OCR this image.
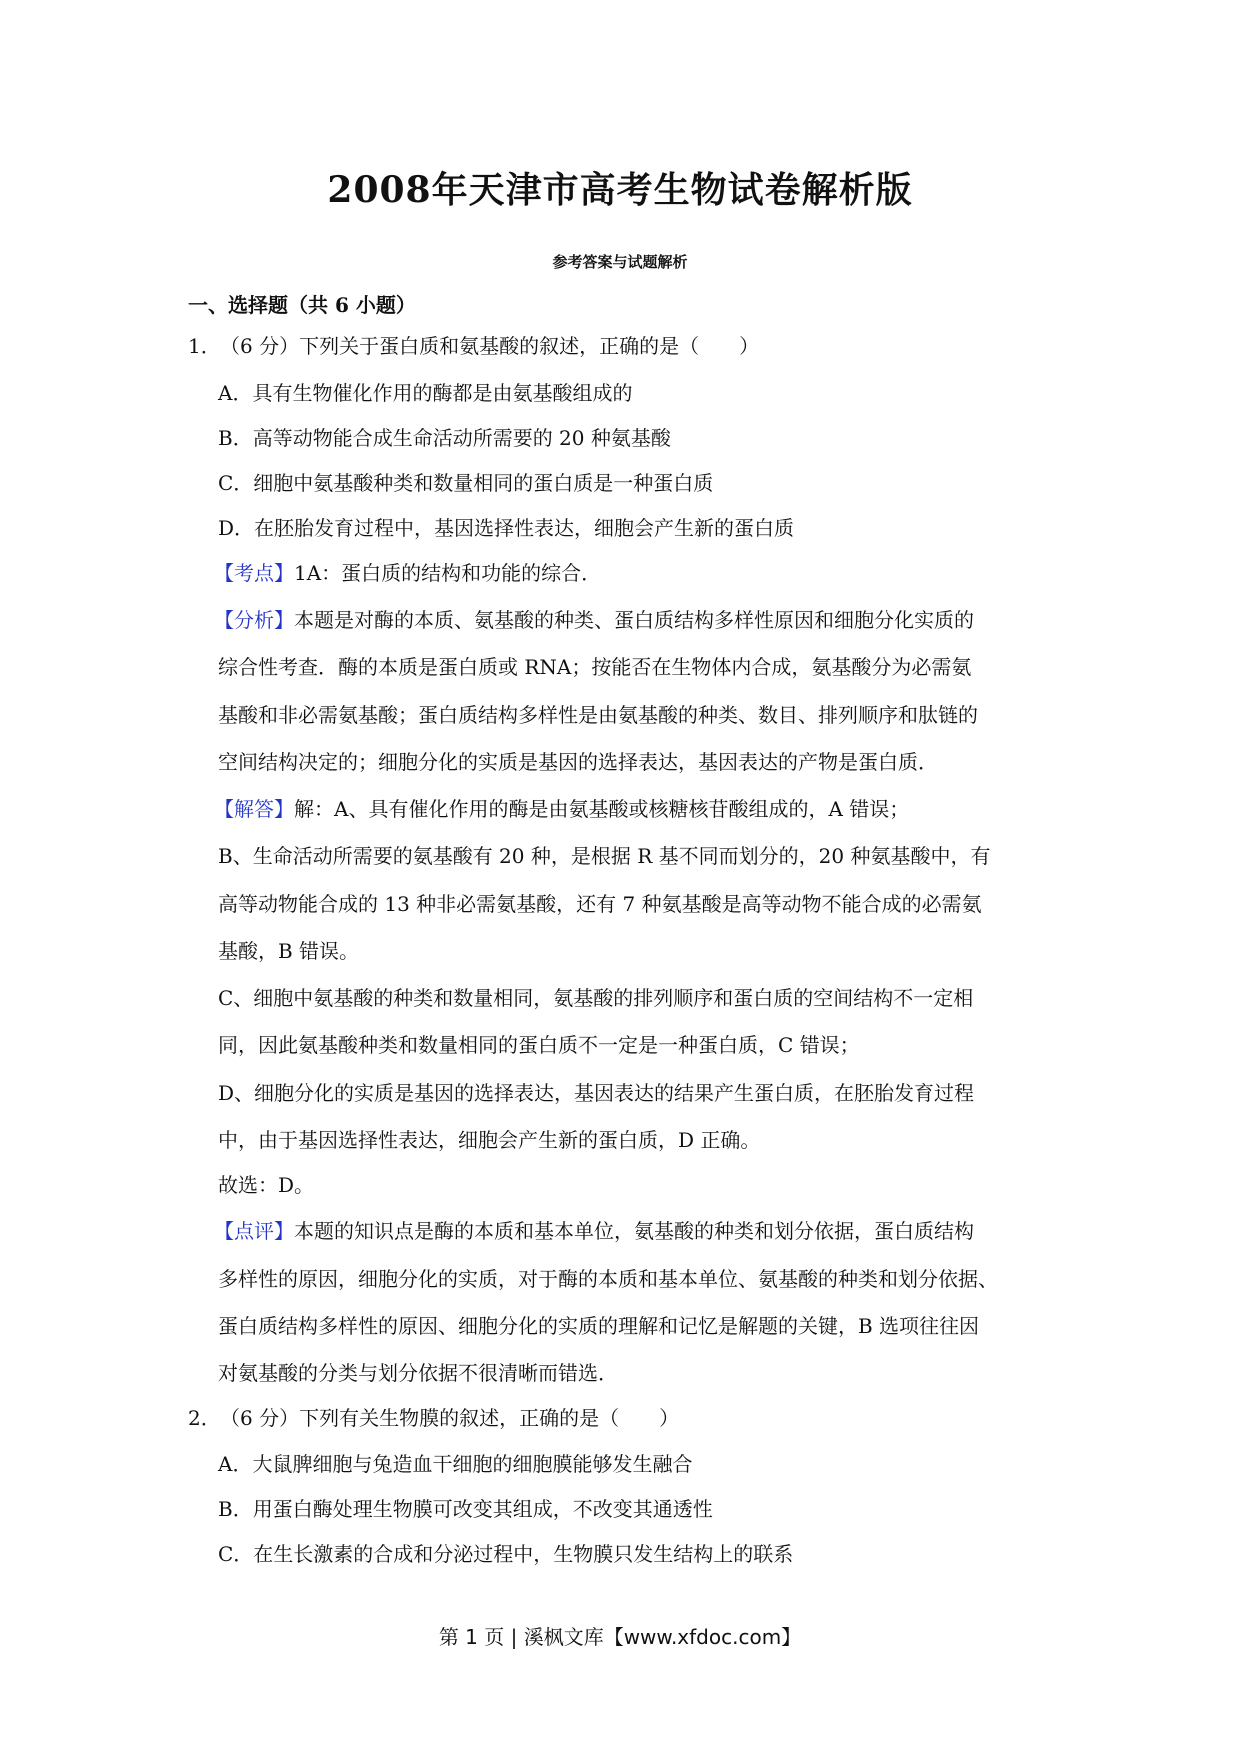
2008年天津市高考生物试卷解析版
参考答案与试题解析
一、选择题（共 6 小题）
1．（6 分）下列关于蛋白质和氨基酸的叙述，正确的是（　　）
A．具有生物催化作用的酶都是由氨基酸组成的
B．高等动物能合成生命活动所需要的 20 种氨基酸
C．细胞中氨基酸种类和数量相同的蛋白质是一种蛋白质
D．在胚胎发育过程中，基因选择性表达，细胞会产生新的蛋白质
【考点】1A：蛋白质的结构和功能的综合．
【分析】本题是对酶的本质、氨基酸的种类、蛋白质结构多样性原因和细胞分化实质的
综合性考查．酶的本质是蛋白质或 RNA；按能否在生物体内合成，氨基酸分为必需氨
基酸和非必需氨基酸；蛋白质结构多样性是由氨基酸的种类、数目、排列顺序和肽链的
空间结构决定的；细胞分化的实质是基因的选择表达，基因表达的产物是蛋白质．
【解答】解：A、具有催化作用的酶是由氨基酸或核糖核苷酸组成的，A 错误；
B、生命活动所需要的氨基酸有 20 种，是根据 R 基不同而划分的，20 种氨基酸中，有
高等动物能合成的 13 种非必需氨基酸，还有 7 种氨基酸是高等动物不能合成的必需氨
基酸，B 错误。
C、细胞中氨基酸的种类和数量相同，氨基酸的排列顺序和蛋白质的空间结构不一定相
同，因此氨基酸种类和数量相同的蛋白质不一定是一种蛋白质，C 错误；
D、细胞分化的实质是基因的选择表达，基因表达的结果产生蛋白质，在胚胎发育过程
中，由于基因选择性表达，细胞会产生新的蛋白质，D 正确。
故选：D。
【点评】本题的知识点是酶的本质和基本单位，氨基酸的种类和划分依据，蛋白质结构
多样性的原因，细胞分化的实质，对于酶的本质和基本单位、氨基酸的种类和划分依据、
蛋白质结构多样性的原因、细胞分化的实质的理解和记忆是解题的关键，B 选项往往因
对氨基酸的分类与划分依据不很清晰而错选．
2．（6 分）下列有关生物膜的叙述，正确的是（　　）
A．大鼠脾细胞与兔造血干细胞的细胞膜能够发生融合
B．用蛋白酶处理生物膜可改变其组成，不改变其通透性
C．在生长激素的合成和分泌过程中，生物膜只发生结构上的联系
第 1 页 | 溪枫文库【www.xfdoc.com】
